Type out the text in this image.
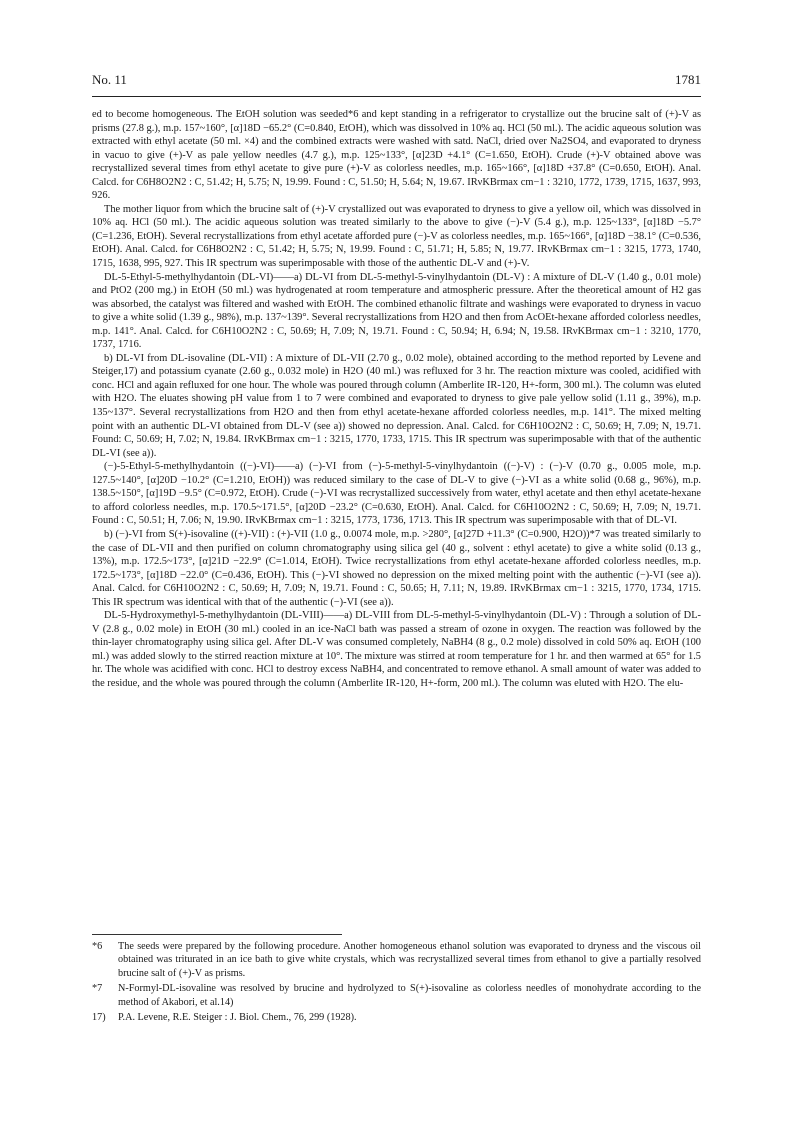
No. 11	1781

ed to become homogeneous. The EtOH solution was seeded*6 and kept standing in a refrigerator to crystallize out the brucine salt of (+)-V as prisms (27.8 g.), m.p. 157~160°, [α]18D −65.2° (C=0.840, EtOH), which was dissolved in 10% aq. HCl (50 ml.). The acidic aqueous solution was extracted with ethyl acetate (50 ml. ×4) and the combined extracts were washed with satd. NaCl, dried over Na2SO4, and evaporated to dryness in vacuo to give (+)-V as pale yellow needles (4.7 g.), m.p. 125~133°, [α]23D +4.1° (C=1.650, EtOH). Crude (+)-V obtained above was recrystallized several times from ethyl acetate to give pure (+)-V as colorless needles, m.p. 165~166°, [α]18D +37.8° (C=0.650, EtOH). Anal. Calcd. for C6H8O2N2 : C, 51.42; H, 5.75; N, 19.99. Found : C, 51.50; H, 5.64; N, 19.67. IRνKBrmax cm−1 : 3210, 1772, 1739, 1715, 1637, 993, 926.

The mother liquor from which the brucine salt of (+)-V crystallized out was evaporated to dryness to give a yellow oil, which was dissolved in 10% aq. HCl (50 ml.). The acidic aqueous solution was treated similarly to the above to give (−)-V (5.4 g.), m.p. 125~133°, [α]18D −5.7° (C=1.236, EtOH). Several recrystallizations from ethyl acetate afforded pure (−)-V as colorless needles, m.p. 165~166°, [α]18D −38.1° (C=0.536, EtOH). Anal. Calcd. for C6H8O2N2 : C, 51.42; H, 5.75; N, 19.99. Found : C, 51.71; H, 5.85; N, 19.77. IRνKBrmax cm−1 : 3215, 1773, 1740, 1715, 1638, 995, 927. This IR spectrum was superimposable with those of the authentic DL-V and (+)-V.

DL-5-Ethyl-5-methylhydantoin (DL-VI)——a) DL-VI from DL-5-methyl-5-vinylhydantoin (DL-V) : A mixture of DL-V (1.40 g., 0.01 mole) and PtO2 (200 mg.) in EtOH (50 ml.) was hydrogenated at room temperature and atmospheric pressure. After the theoretical amount of H2 gas was absorbed, the catalyst was filtered and washed with EtOH. The combined ethanolic filtrate and washings were evaporated to dryness in vacuo to give a white solid (1.39 g., 98%), m.p. 137~139°. Several recrystallizations from H2O and then from AcOEt-hexane afforded colorless needles, m.p. 141°. Anal. Calcd. for C6H10O2N2 : C, 50.69; H, 7.09; N, 19.71. Found : C, 50.94; H, 6.94; N, 19.58. IRνKBrmax cm−1 : 3210, 1770, 1737, 1716.

b) DL-VI from DL-isovaline (DL-VII) : A mixture of DL-VII (2.70 g., 0.02 mole), obtained according to the method reported by Levene and Steiger,17) and potassium cyanate (2.60 g., 0.032 mole) in H2O (40 ml.) was refluxed for 3 hr. The reaction mixture was cooled, acidified with conc. HCl and again refluxed for one hour. The whole was poured through column (Amberlite IR-120, H+-form, 300 ml.). The column was eluted with H2O. The eluates showing pH value from 1 to 7 were combined and evaporated to dryness to give pale yellow solid (1.11 g., 39%), m.p. 135~137°. Several recrystallizations from H2O and then from ethyl acetate-hexane afforded colorless needles, m.p. 141°. The mixed melting point with an authentic DL-VI obtained from DL-V (see a)) showed no depression. Anal. Calcd. for C6H10O2N2 : C, 50.69; H, 7.09; N, 19.71. Found: C, 50.69; H, 7.02; N, 19.84. IRνKBrmax cm−1 : 3215, 1770, 1733, 1715. This IR spectrum was superimposable with that of the authentic DL-VI (see a)).

(−)-5-Ethyl-5-methylhydantoin ((−)-VI)——a) (−)-VI from (−)-5-methyl-5-vinylhydantoin ((−)-V) : (−)-V (0.70 g., 0.005 mole, m.p. 127.5~140°, [α]20D −10.2° (C=1.210, EtOH)) was reduced similary to the case of DL-V to give (−)-VI as a white solid (0.68 g., 96%), m.p. 138.5~150°, [α]19D −9.5° (C=0.972, EtOH). Crude (−)-VI was recrystallized successively from water, ethyl acetate and then ethyl acetate-hexane to afford colorless needles, m.p. 170.5~171.5°, [α]20D −23.2° (C=0.630, EtOH). Anal. Calcd. for C6H10O2N2 : C, 50.69; H, 7.09; N, 19.71. Found : C, 50.51; H, 7.06; N, 19.90. IRνKBrmax cm−1 : 3215, 1773, 1736, 1713. This IR spectrum was superimposable with that of DL-VI.

b) (−)-VI from S(+)-isovaline ((+)-VII) : (+)-VII (1.0 g., 0.0074 mole, m.p. >280°, [α]27D +11.3° (C=0.900, H2O))*7 was treated similarly to the case of DL-VII and then purified on column chromatography using silica gel (40 g., solvent : ethyl acetate) to give a white solid (0.13 g., 13%), m.p. 172.5~173°, [α]21D −22.9° (C=1.014, EtOH). Twice recrystallizations from ethyl acetate-hexane afforded colorless needles, m.p. 172.5~173°, [α]18D −22.0° (C=0.436, EtOH). This (−)-VI showed no depression on the mixed melting point with the authentic (−)-VI (see a)). Anal. Calcd. for C6H10O2N2 : C, 50.69; H, 7.09; N, 19.71. Found : C, 50.65; H, 7.11; N, 19.89. IRνKBrmax cm−1 : 3215, 1770, 1734, 1715. This IR spectrum was identical with that of the authentic (−)-VI (see a)).

DL-5-Hydroxymethyl-5-methylhydantoin (DL-VIII)——a) DL-VIII from DL-5-methyl-5-vinylhydantoin (DL-V) : Through a solution of DL-V (2.8 g., 0.02 mole) in EtOH (30 ml.) cooled in an ice-NaCl bath was passed a stream of ozone in oxygen. The reaction was followed by the thin-layer chromatography using silica gel. After DL-V was consumed completely, NaBH4 (8 g., 0.2 mole) dissolved in cold 50% aq. EtOH (100 ml.) was added slowly to the stirred reaction mixture at 10°. The mixture was stirred at room temperature for 1 hr. and then warmed at 65° for 1.5 hr. The whole was acidified with conc. HCl to destroy excess NaBH4, and concentrated to remove ethanol. A small amount of water was added to the residue, and the whole was poured through the column (Amberlite IR-120, H+-form, 200 ml.). The column was eluted with H2O. The elu-

*6	The seeds were prepared by the following procedure. Another homogeneous ethanol solution was evaporated to dryness and the viscous oil obtained was triturated in an ice bath to give white crystals, which was recrystallized several times from ethanol to give a partially resolved brucine salt of (+)-V as prisms.
*7	N-Formyl-DL-isovaline was resolved by brucine and hydrolyzed to S(+)-isovaline as colorless needles of monohydrate according to the method of Akabori, et al.14)
17)	P.A. Levene, R.E. Steiger : J. Biol. Chem., 76, 299 (1928).
